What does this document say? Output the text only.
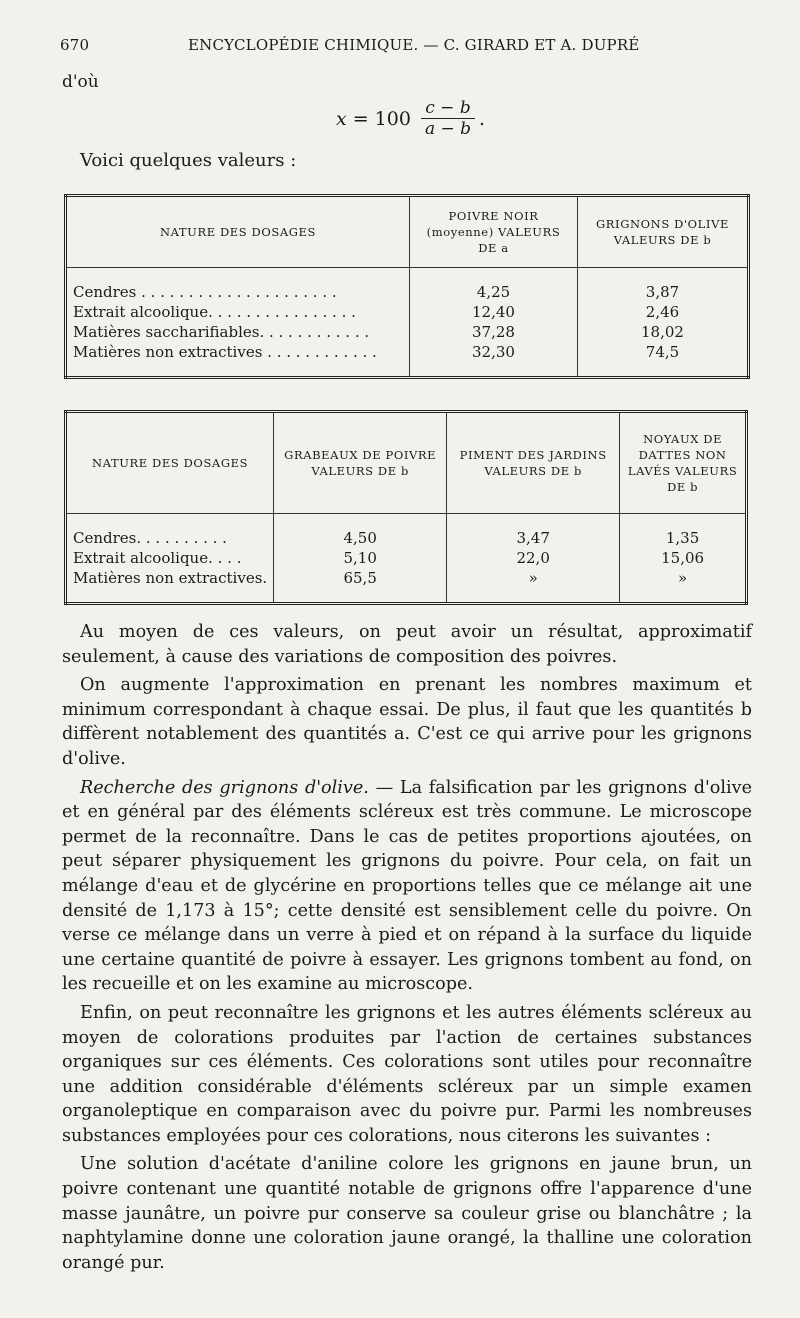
670	ENCYCLOPÉDIE CHIMIQUE. — C. GIRARD ET A. DUPRÉ
d'où
$x = 100 \frac{c - b}{a - b}$ .
Voici quelques valeurs :
NATURE DES DOSAGES	POIVRE NOIR (moyenne) VALEURS DE a	GRIGNONS D'OLIVE VALEURS DE b

Cendres . . . . . . . . . . . . . . . . . . . . .	4,25	3,87
Extrait alcoolique. . . . . . . . . . . . . . . .	12,40	2,46
Matières saccharifiables. . . . . . . . . . . .	37,28	18,02
Matières non extractives . . . . . . . . . . . .	32,30	74,5

NATURE DES DOSAGES	GRABEAUX DE POIVRE VALEURS DE b	PIMENT DES JARDINS VALEURS DE b	NOYAUX DE DATTES NON LAVÉS VALEURS DE b

Cendres. . . . . . . . . .	4,50	3,47	1,35
Extrait alcoolique. . . .	5,10	22,0	15,06
Matières non extractives.	65,5	»	»

Au moyen de ces valeurs, on peut avoir un résultat, approximatif seulement, à cause des variations de composition des poivres.

On augmente l'approximation en prenant les nombres maximum et minimum correspondant à chaque essai. De plus, il faut que les quantités b diffèrent notablement des quantités a. C'est ce qui arrive pour les grignons d'olive.

Recherche des grignons d'olive. — La falsification par les grignons d'olive et en général par des éléments scléreux est très commune. Le microscope permet de la reconnaître. Dans le cas de petites proportions ajoutées, on peut séparer physiquement les grignons du poivre. Pour cela, on fait un mélange d'eau et de glycérine en proportions telles que ce mélange ait une densité de 1,173 à 15°; cette densité est sensiblement celle du poivre. On verse ce mélange dans un verre à pied et on répand à la surface du liquide une certaine quantité de poivre à essayer. Les grignons tombent au fond, on les recueille et on les examine au microscope.

Enfin, on peut reconnaître les grignons et les autres éléments scléreux au moyen de colorations produites par l'action de certaines substances organiques sur ces éléments. Ces colorations sont utiles pour reconnaître une addition considérable d'éléments scléreux par un simple examen organoleptique en comparaison avec du poivre pur. Parmi les nombreuses substances employées pour ces colorations, nous citerons les suivantes :

Une solution d'acétate d'aniline colore les grignons en jaune brun, un poivre contenant une quantité notable de grignons offre l'apparence d'une masse jaunâtre, un poivre pur conserve sa couleur grise ou blanchâtre ; la naphtylamine donne une coloration jaune orangé, la thalline une coloration orangé pur.
